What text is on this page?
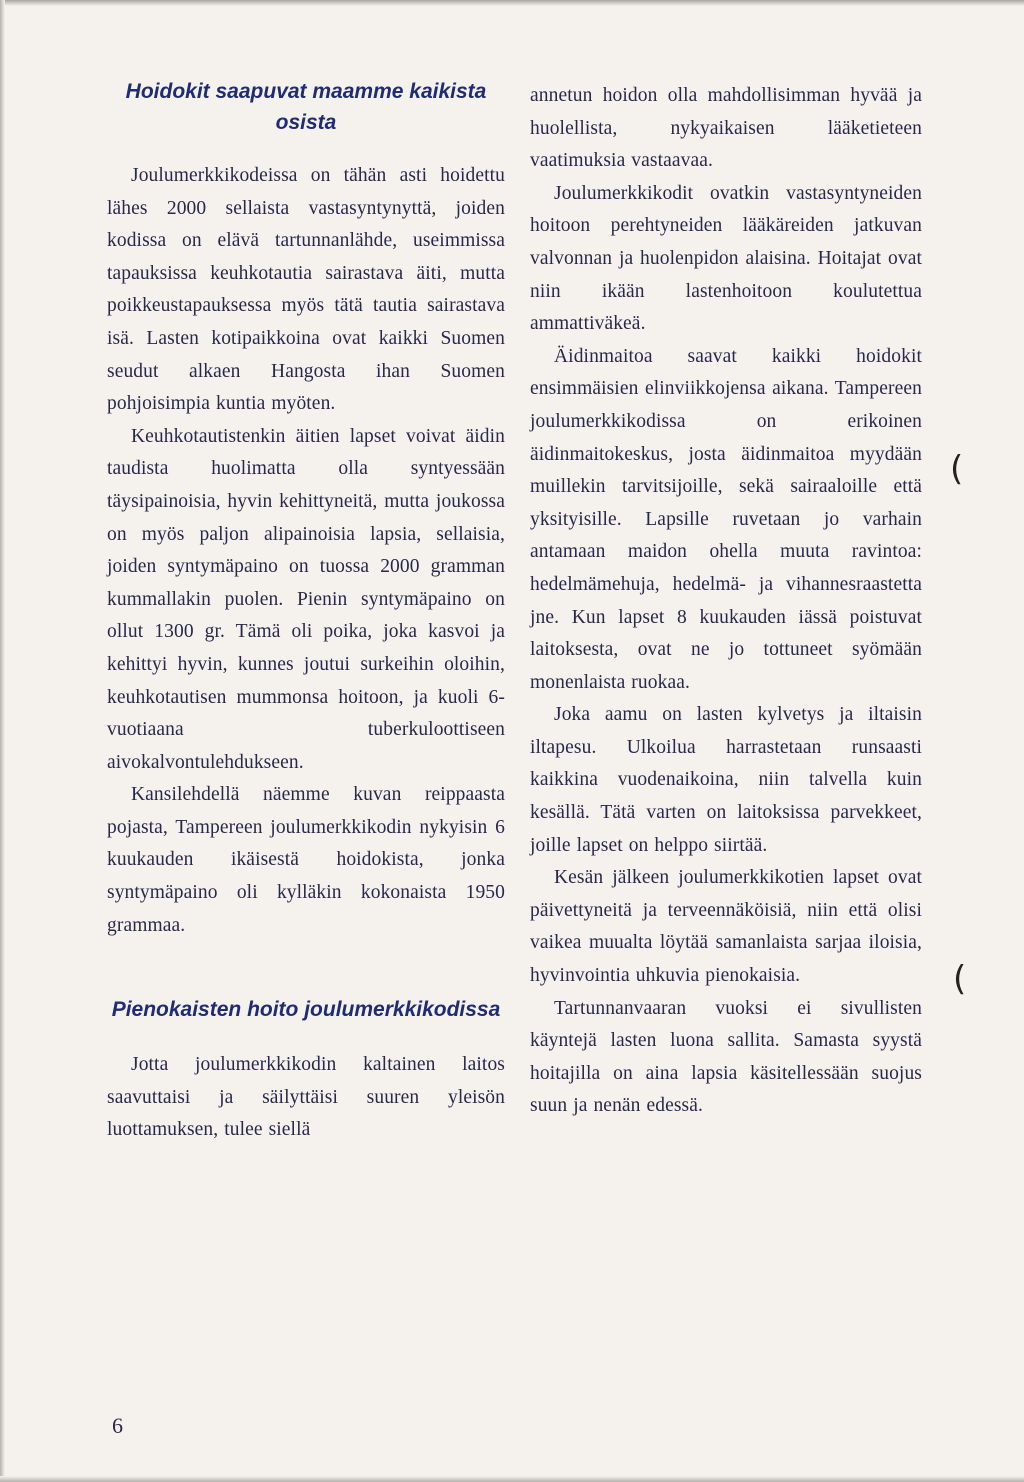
Hoidokit saapuvat maamme kaikista osista

Joulumerkkikodeissa on tähän asti hoidettu lähes 2000 sellaista vastasyntynyttä, joiden kodissa on elävä tartunnanlähde, useimmissa tapauksissa keuhkotautia sairastava äiti, mutta poikkeustapauksessa myös tätä tautia sairastava isä. Lasten kotipaikkoina ovat kaikki Suomen seudut alkaen Hangosta ihan Suomen pohjoisimpia kuntia myöten.

Keuhkotautistenkin äitien lapset voivat äidin taudista huolimatta olla syntyessään täysipainoisia, hyvin kehittyneitä, mutta joukossa on myös paljon alipainoisia lapsia, sellaisia, joiden syntymäpaino on tuossa 2000 gramman kummallakin puolen. Pienin syntymäpaino on ollut 1300 gr. Tämä oli poika, joka kasvoi ja kehittyi hyvin, kunnes joutui surkeihin oloihin, keuhkotautisen mummonsa hoitoon, ja kuoli 6-vuotiaana tuberkuloottiseen aivokalvontulehdukseen.

Kansilehdellä näemme kuvan reippaasta pojasta, Tampereen joulumerkkikodin nykyisin 6 kuukauden ikäisestä hoidokista, jonka syntymäpaino oli kylläkin kokonaista 1950 grammaa.

Pienokaisten hoito joulumerkkikodissa

Jotta joulumerkkikodin kaltainen laitos saavuttaisi ja säilyttäisi suuren yleisön luottamuksen, tulee siellä

annetun hoidon olla mahdollisimman hyvää ja huolellista, nykyaikaisen lääketieteen vaatimuksia vastaavaa.

Joulumerkkikodit ovatkin vastasyntyneiden hoitoon perehtyneiden lääkäreiden jatkuvan valvonnan ja huolenpidon alaisina. Hoitajat ovat niin ikään lastenhoitoon koulutettua ammattiväkeä.

Äidinmaitoa saavat kaikki hoidokit ensimmäisien elinviikkojensa aikana. Tampereen joulumerkkikodissa on erikoinen äidinmaitokeskus, josta äidinmaitoa myydään muillekin tarvitsijoille, sekä sairaaloille että yksityisille. Lapsille ruvetaan jo varhain antamaan maidon ohella muuta ravintoa: hedelmämehuja, hedelmä- ja vihannesraastetta jne. Kun lapset 8 kuukauden iässä poistuvat laitoksesta, ovat ne jo tottuneet syömään monenlaista ruokaa.

Joka aamu on lasten kylvetys ja iltaisin iltapesu. Ulkoilua harrastetaan runsaasti kaikkina vuodenaikoina, niin talvella kuin kesällä. Tätä varten on laitoksissa parvekkeet, joille lapset on helppo siirtää.

Kesän jälkeen joulumerkkikotien lapset ovat päivettyneitä ja terveennäköisiä, niin että olisi vaikea muualta löytää samanlaista sarjaa iloisia, hyvinvointia uhkuvia pienokaisia.

Tartunnanvaaran vuoksi ei sivullisten käyntejä lasten luona sallita. Samasta syystä hoitajilla on aina lapsia käsitellessään suojus suun ja nenän edessä.

(
(
6
